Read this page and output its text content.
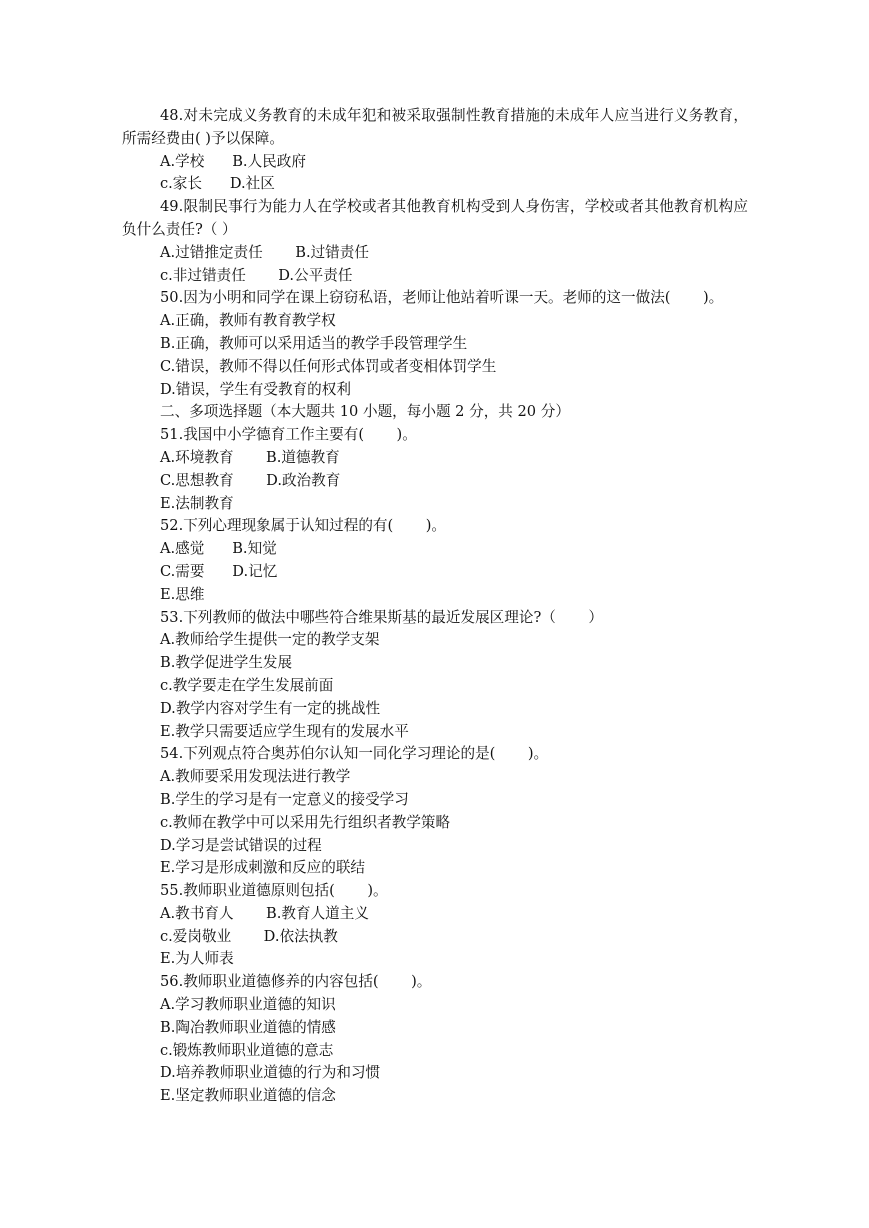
48.对未完成义务教育的未成年犯和被采取强制性教育措施的未成年人应当进行义务教育，所需经费由( )予以保障。
A.学校      B.人民政府
c.家长      D.社区
49.限制民事行为能力人在学校或者其他教育机构受到人身伤害，学校或者其他教育机构应负什么责任?（ ）
A.过错推定责任       B.过错责任
c.非过错责任       D.公平责任
50.因为小明和同学在课上窃窃私语，老师让他站着听课一天。老师的这一做法(       )。
A.正确，教师有教育教学权
B.正确，教师可以采用适当的教学手段管理学生
C.错误，教师不得以任何形式体罚或者变相体罚学生
D.错误，学生有受教育的权利
二、多项选择题（本大题共 10 小题，每小题 2 分，共 20 分）
51.我国中小学德育工作主要有(       )。
A.环境教育       B.道德教育
C.思想教育       D.政治教育
E.法制教育
52.下列心理现象属于认知过程的有(       )。
A.感觉      B.知觉
C.需要      D.记忆
E.思维
53.下列教师的做法中哪些符合维果斯基的最近发展区理论?（       ）
A.教师给学生提供一定的教学支架
B.教学促进学生发展
c.教学要走在学生发展前面
D.教学内容对学生有一定的挑战性
E.教学只需要适应学生现有的发展水平
54.下列观点符合奥苏伯尔认知一同化学习理论的是(       )。
A.教师要采用发现法进行教学
B.学生的学习是有一定意义的接受学习
c.教师在教学中可以采用先行组织者教学策略
D.学习是尝试错误的过程
E.学习是形成刺激和反应的联结
55.教师职业道德原则包括(       )。
A.教书育人       B.教育人道主义
c.爱岗敬业       D.依法执教
E.为人师表
56.教师职业道德修养的内容包括(       )。
A.学习教师职业道德的知识
B.陶冶教师职业道德的情感
c.锻炼教师职业道德的意志
D.培养教师职业道德的行为和习惯
E.坚定教师职业道德的信念
